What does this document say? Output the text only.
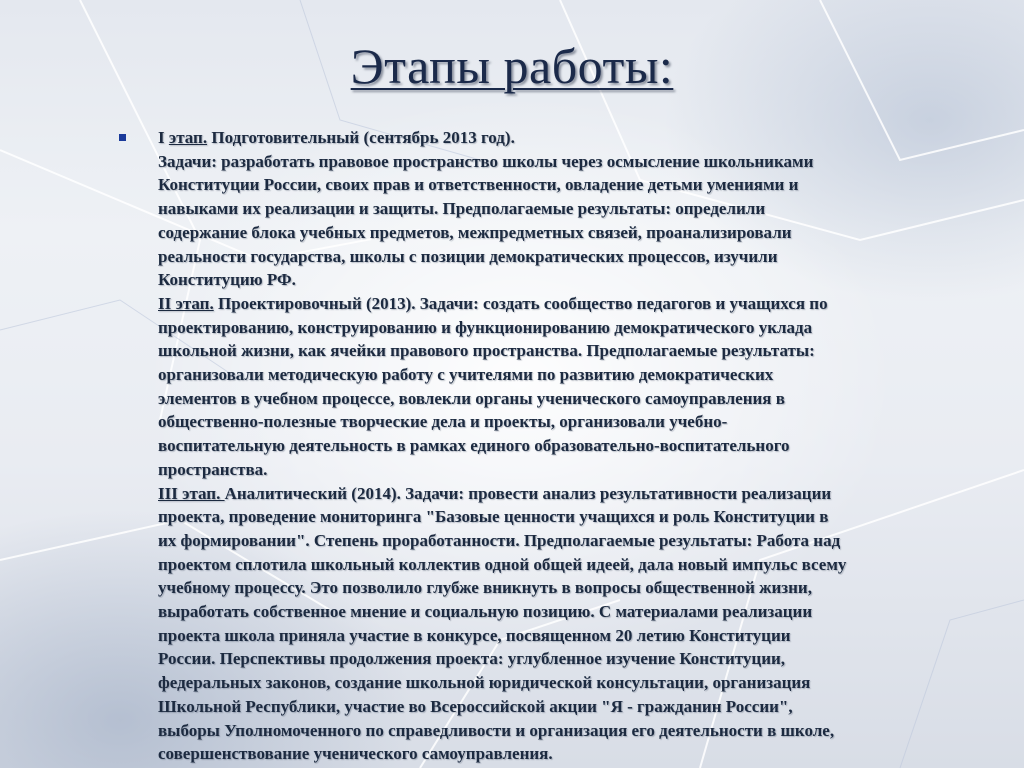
Этапы работы:
I этап. Подготовительный (сентябрь 2013 год).
Задачи: разработать правовое пространство школы через осмысление школьниками
Конституции России, своих прав и ответственности, овладение детьми умениями и
навыками их реализации и защиты. Предполагаемые результаты: определили
содержание блока учебных предметов, межпредметных связей, проанализировали
реальности государства, школы с позиции демократических процессов, изучили
Конституцию РФ.
II этап. Проектировочный (2013). Задачи: создать сообщество педагогов и учащихся по
проектированию, конструированию и функционированию демократического уклада
школьной жизни, как ячейки правового пространства. Предполагаемые результаты:
организовали методическую работу с учителями по развитию демократических
элементов в учебном процессе, вовлекли органы ученического самоуправления в
общественно-полезные творческие дела и проекты, организовали учебно-
воспитательную деятельность в рамках единого образовательно-воспитательного
пространства.
III этап. Аналитический (2014). Задачи: провести анализ результативности реализации
проекта, проведение мониторинга "Базовые ценности учащихся и роль Конституции в
их формировании". Степень проработанности. Предполагаемые результаты: Работа над
проектом сплотила школьный коллектив одной общей идеей, дала новый импульс всему
учебному процессу. Это позволило глубже вникнуть в вопросы общественной жизни,
выработать собственное мнение и социальную позицию. С материалами реализации
проекта школа приняла участие в конкурсе, посвященном 20 летию Конституции
России. Перспективы продолжения проекта: углубленное изучение Конституции,
федеральных законов, создание школьной юридической консультации, организация
Школьной Республики, участие во Всероссийской акции "Я - гражданин России",
выборы Уполномоченного по справедливости и организация его деятельности в школе,
совершенствование ученического самоуправления.
